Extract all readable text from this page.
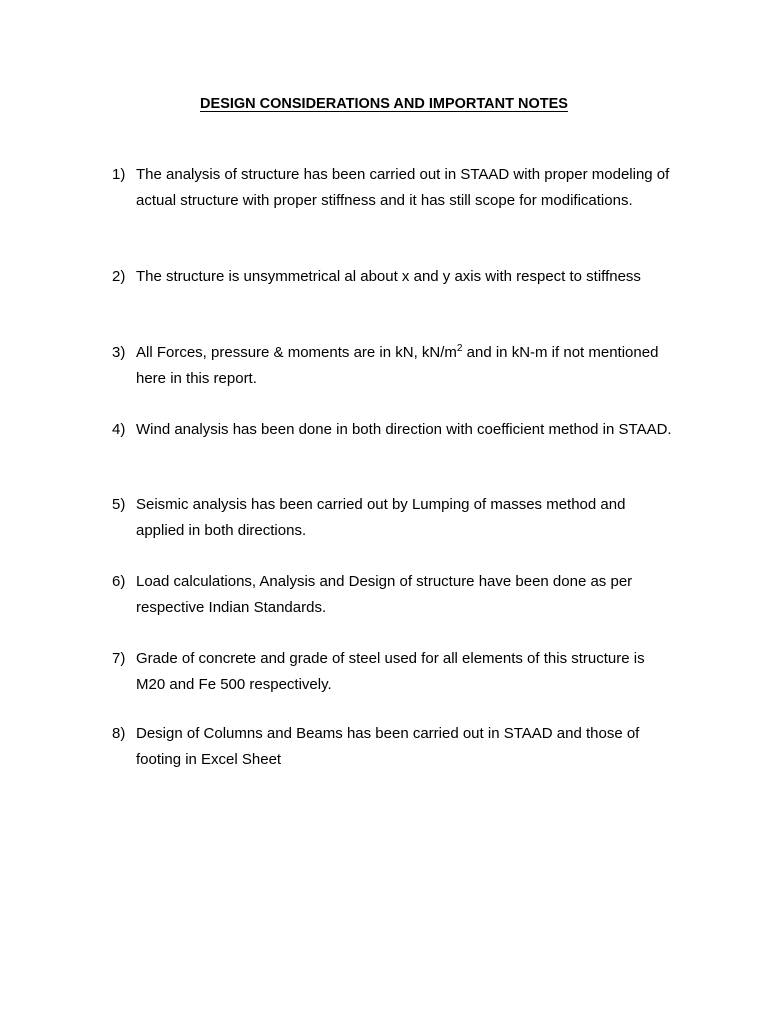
DESIGN CONSIDERATIONS AND IMPORTANT NOTES
1) The analysis of structure has been carried out in STAAD with proper modeling of actual structure with proper stiffness and it has still scope for modifications.
2) The structure is unsymmetrical al about x and y axis with respect to stiffness
3) All Forces, pressure & moments are in kN, $kN/m^2$ and in kN-m if not mentioned here in this report.
4) Wind analysis has been done in both direction with coefficient method in STAAD.
5) Seismic analysis has been carried out by Lumping of masses method and applied in both directions.
6) Load calculations, Analysis and Design of structure have been done as per respective Indian Standards.
7) Grade of concrete and grade of steel used for all elements of this structure is M20 and Fe 500 respectively.
8) Design of Columns and Beams has been carried out in STAAD and those of footing in Excel Sheet
